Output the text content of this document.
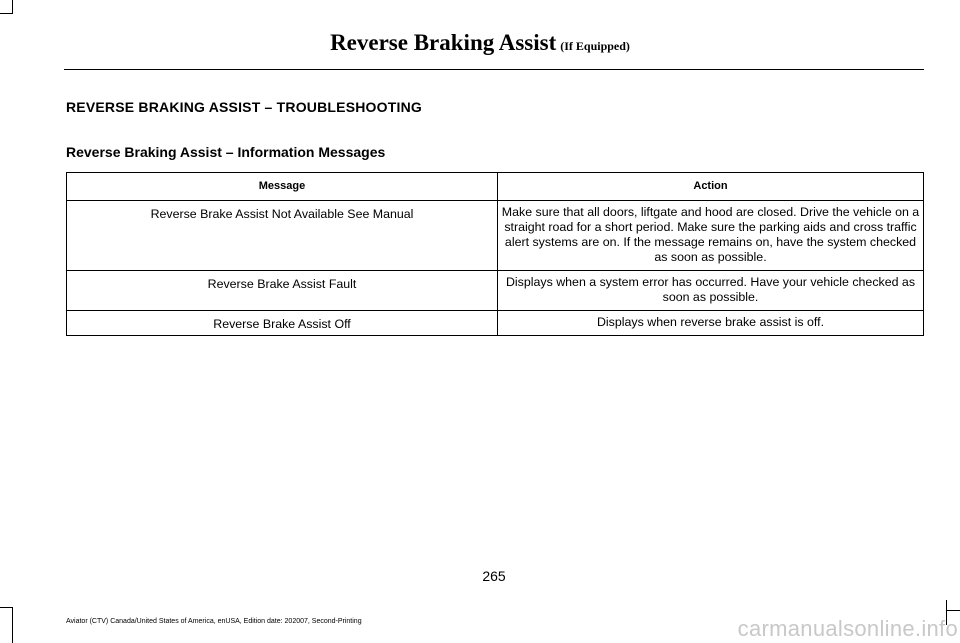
Reverse Braking Assist (If Equipped)
REVERSE BRAKING ASSIST – TROUBLESHOOTING
Reverse Braking Assist – Information Messages
Message	Action
Reverse Brake Assist Not Available See Manual	Make sure that all doors, liftgate and hood are closed. Drive the vehicle on a straight road for a short period. Make sure the parking aids and cross traffic alert systems are on. If the message remains on, have the system checked as soon as possible.
Reverse Brake Assist Fault	Displays when a system error has occurred. Have your vehicle checked as soon as possible.
Reverse Brake Assist Off	Displays when reverse brake assist is off.
265
Aviator (CTV) Canada/United States of America, enUSA, Edition date: 202007, Second-Printing	carmanualsonline.info
